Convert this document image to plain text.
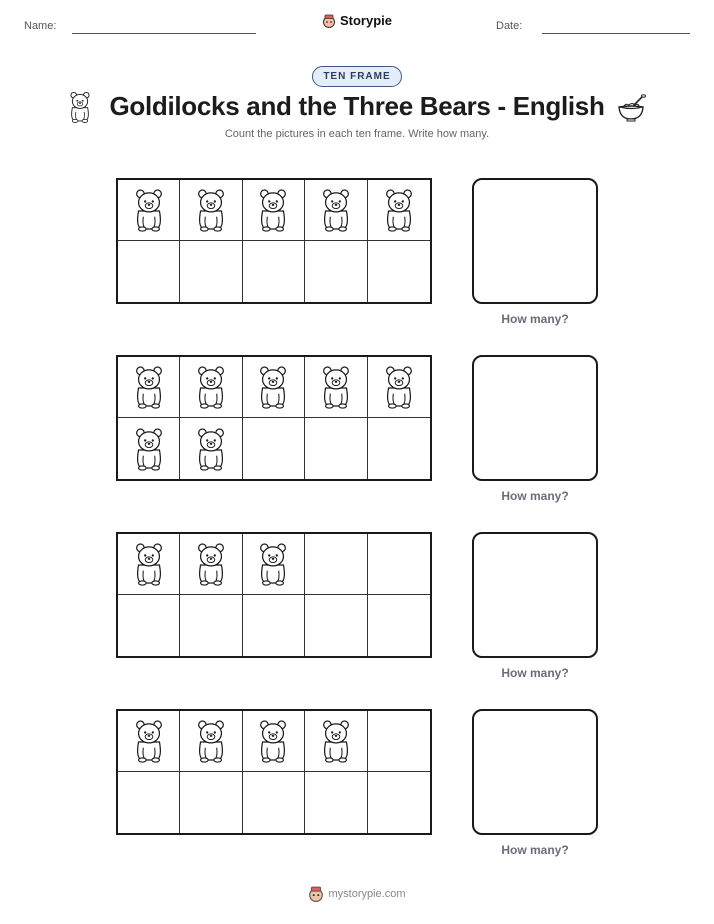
Name:	Storypie	Date:
TEN FRAME
Goldilocks and the Three Bears - English
Count the pictures in each ten frame. Write how many.
How many?
How many?
How many?
How many?
mystorypie.com
